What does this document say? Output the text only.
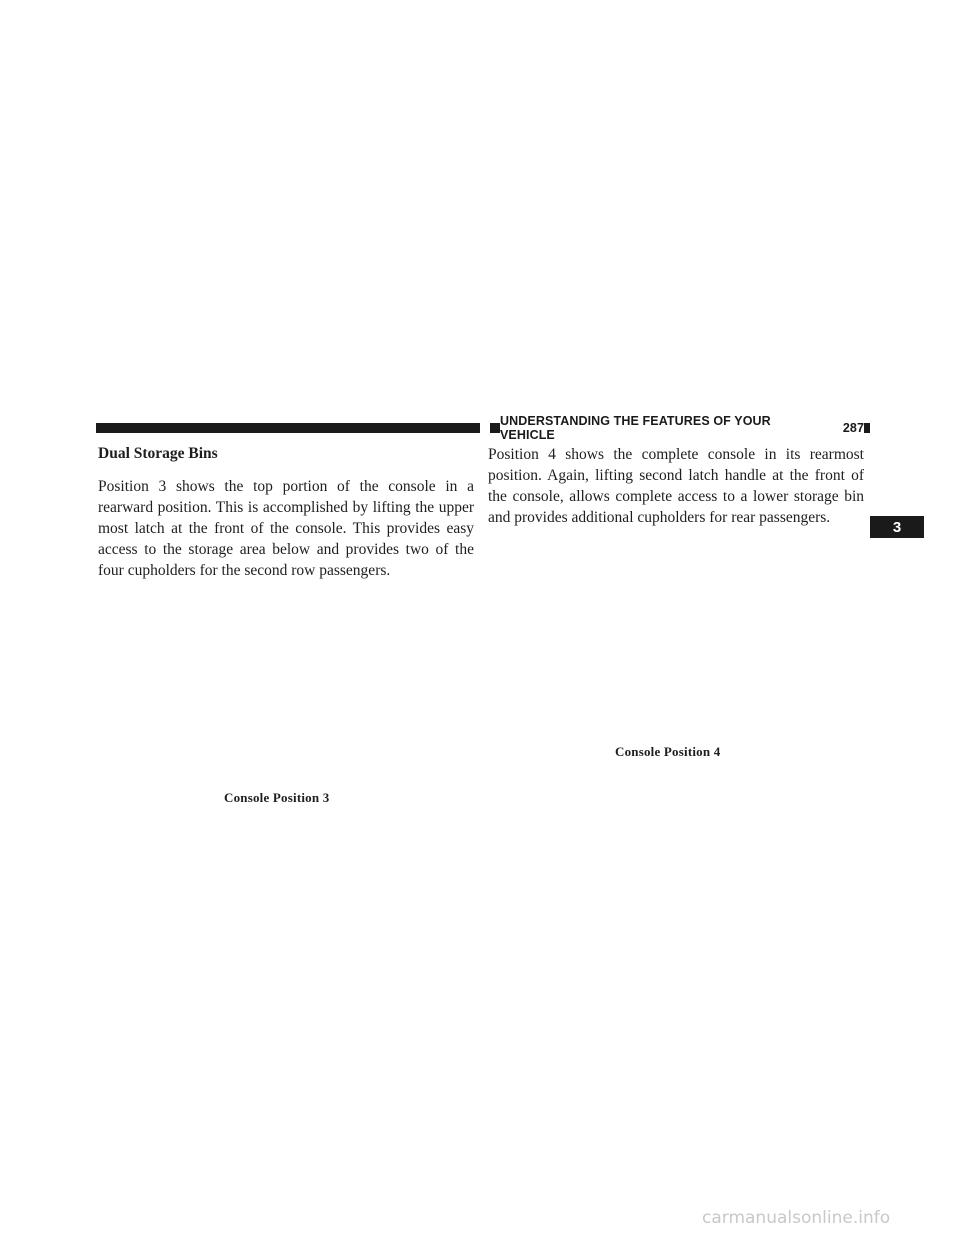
UNDERSTANDING THE FEATURES OF YOUR VEHICLE	287
3
Dual Storage Bins

Position 3 shows the top portion of the console in a rearward position. This is accomplished by lifting the upper most latch at the front of the console. This provides easy access to the storage area below and provides two of the four cupholders for the second row passengers.

Console Position 3

Position 4 shows the complete console in its rearmost position. Again, lifting second latch handle at the front of the console, allows complete access to a lower storage bin and provides additional cupholders for rear passengers.

Console Position 4
carmanualsonline.info
